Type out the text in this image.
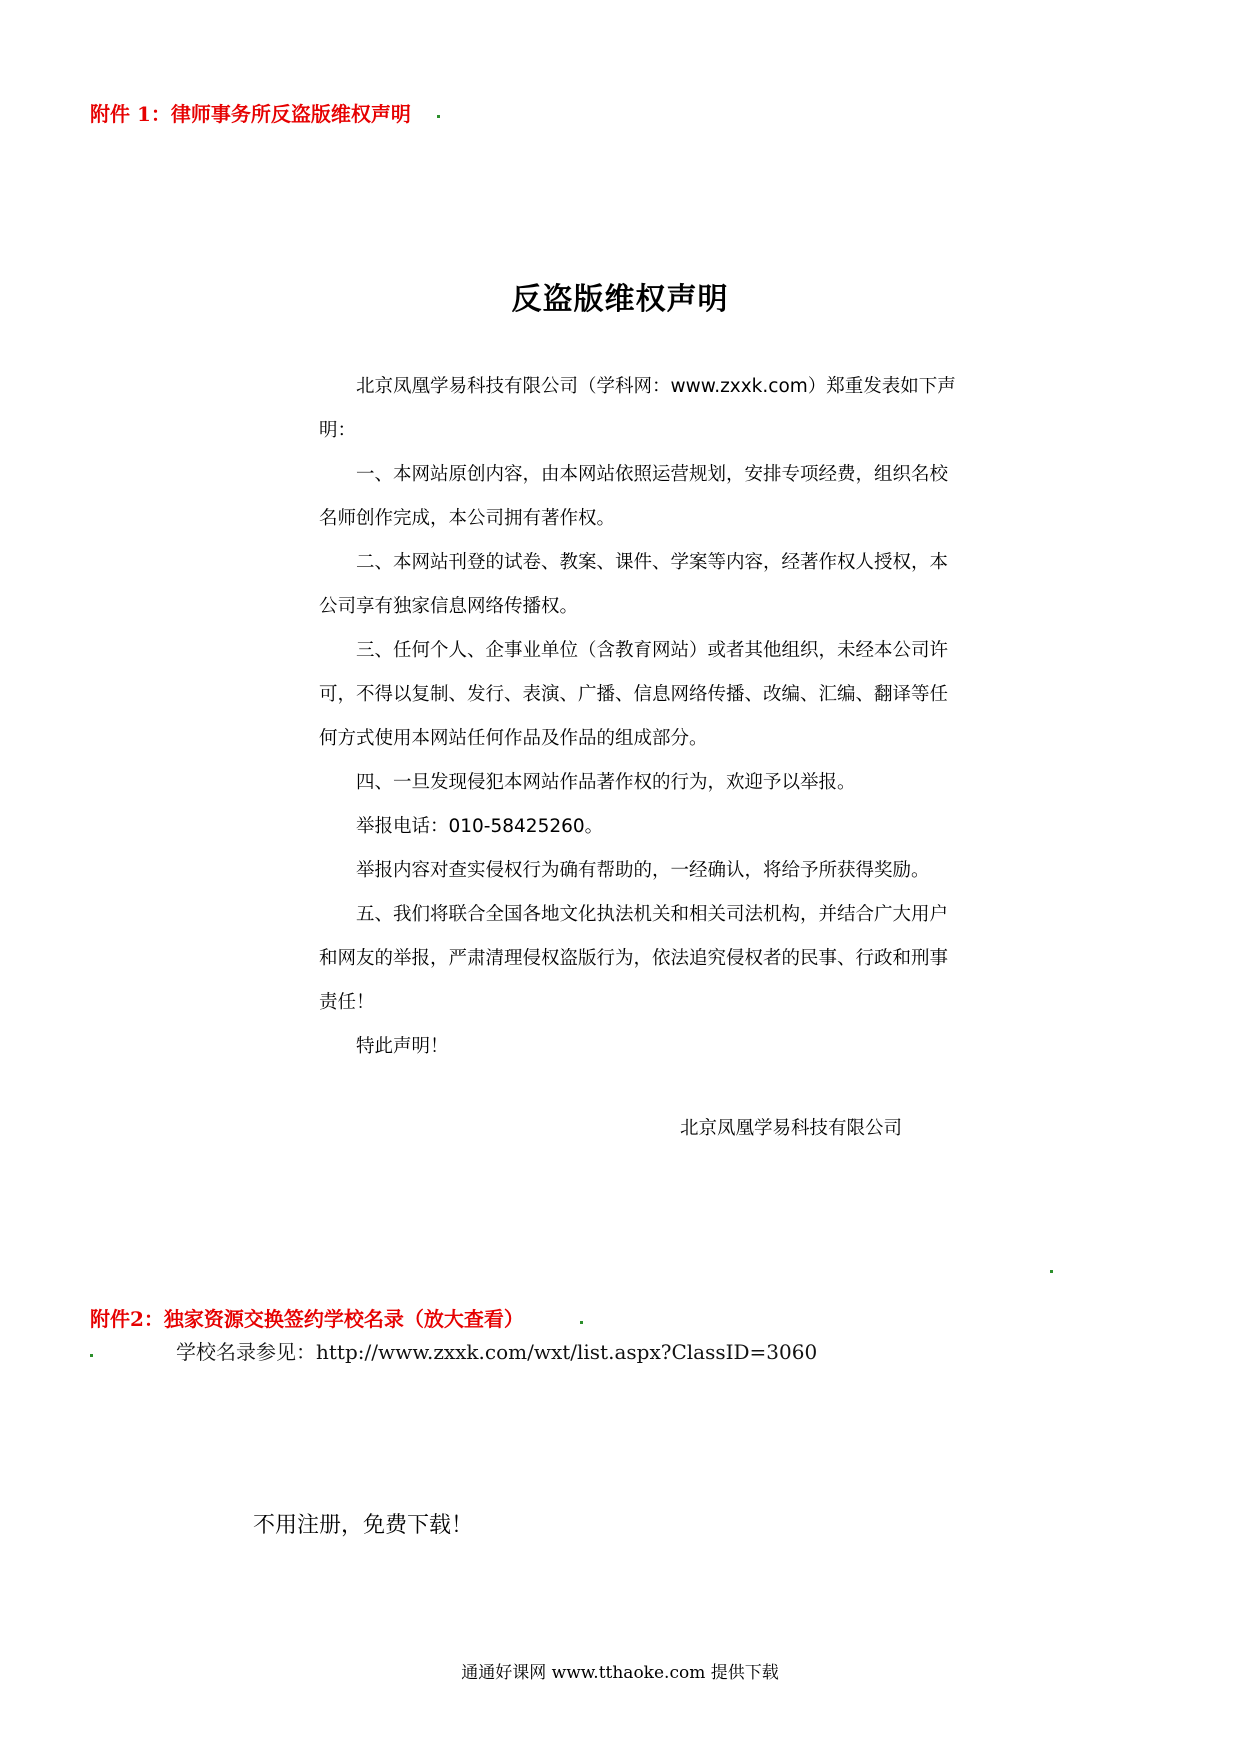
附件 1：律师事务所反盗版维权声明
反盗版维权声明

北京凤凰学易科技有限公司（学科网：www.zxxk.com）郑重发表如下声明：

一、本网站原创内容，由本网站依照运营规划，安排专项经费，组织名校名师创作完成，本公司拥有著作权。

二、本网站刊登的试卷、教案、课件、学案等内容，经著作权人授权，本公司享有独家信息网络传播权。

三、任何个人、企事业单位（含教育网站）或者其他组织，未经本公司许可，不得以复制、发行、表演、广播、信息网络传播、改编、汇编、翻译等任何方式使用本网站任何作品及作品的组成部分。

四、一旦发现侵犯本网站作品著作权的行为，欢迎予以举报。

举报电话：010-58425260。

举报内容对查实侵权行为确有帮助的，一经确认，将给予所获得奖励。

五、我们将联合全国各地文化执法机关和相关司法机构，并结合广大用户和网友的举报，严肃清理侵权盗版行为，依法追究侵权者的民事、行政和刑事责任！

特此声明！

北京凤凰学易科技有限公司
附件2：独家资源交换签约学校名录（放大查看）
学校名录参见：http://www.zxxk.com/wxt/list.aspx?ClassID=3060
不用注册，免费下载！
通通好课网 www.tthaoke.com 提供下载
